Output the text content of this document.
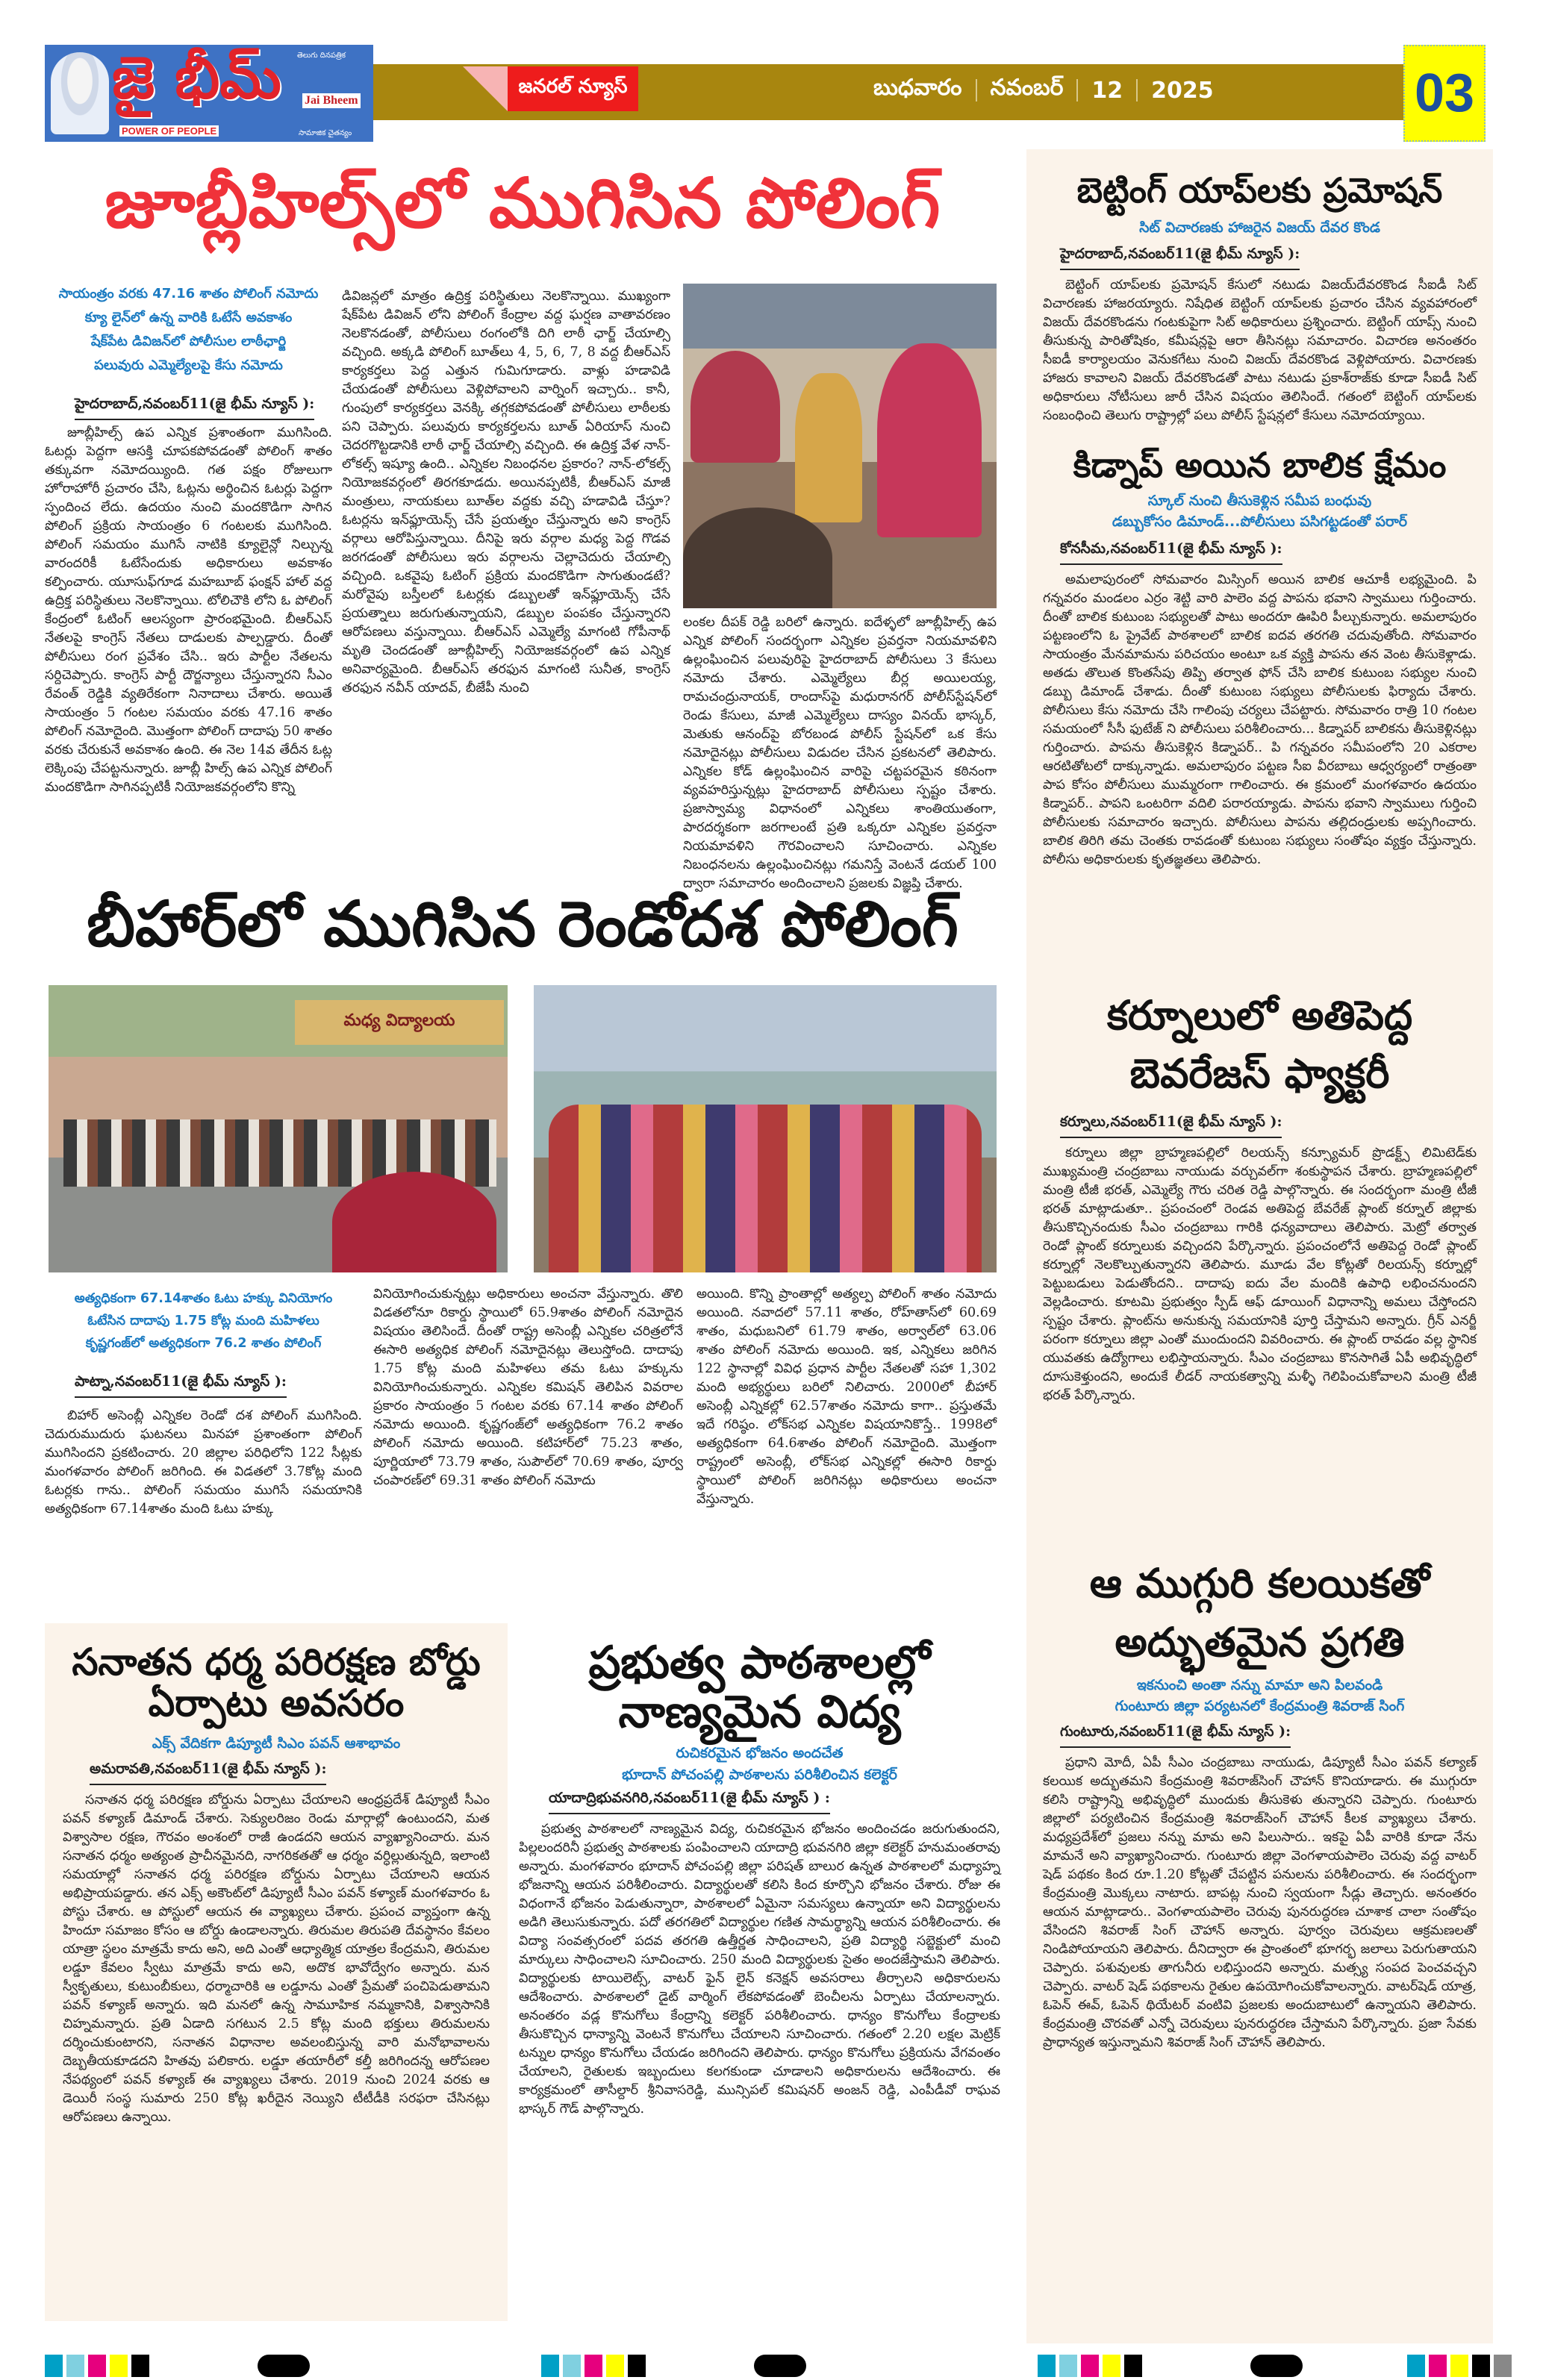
జై భీమ్ తెలుగు దినపత్రిక
Jai Bheem
POWER OF PEOPLE	సామాజిక చైతన్యం
జనరల్ న్యూస్	బుధవారం నవంబర్ 12 2025	03
జూబ్లీహిల్స్‌లో ముగిసిన పోలింగ్
సాయంత్రం వరకు 47.16 శాతం పోలింగ్ నమోదు
క్యూ లైన్‌లో ఉన్న వారికి ఓటేసే అవకాశం
షేక్‌పేట డివిజన్‌లో పోలీసుల లాఠీఛార్జి
పలువురు ఎమ్మెల్యేలపై కేసు నమోదు
హైదరాబాద్,నవంబర్11(జై భీమ్ న్యూస్ ):
జూబ్లీహిల్స్ ఉప ఎన్నిక ప్రశాంతంగా ముగిసింది. ఓటర్లు పెద్దగా ఆసక్తి చూపకపోవడంతో పోలింగ్ శాతం తక్కువగా నమోదయ్యింది. గత పక్షం రోజులుగా హోరాహోరీ ప్రచారం చేసి, ఓట్లను అర్థించిన ఓటర్లు పెద్దగా స్పందించ లేదు. ఉదయం నుంచి మందకొడిగా సాగిన పోలింగ్ ప్రక్రియ సాయంత్రం 6 గంటలకు ముగిసింది. పోలింగ్ సమయం ముగిసే నాటికి క్యూలైన్లో నిల్చున్న వారందరికీ ఓటేసేందుకు అధికారులు అవకాశం కల్పించారు. యూసుఫ్‌గూడ మహబూబ్ ఫంక్షన్ హాల్ వద్ద ఉద్రిక్త పరిస్థితులు నెలకొన్నాయి. టోలిచౌకి లోని ఓ పోలింగ్ కేంద్రంలో ఓటింగ్ ఆలస్యంగా ప్రారంభమైంది. బీఆర్ఎస్ నేతలపై కాంగ్రెస్ నేతలు దాడులకు పాల్పడ్డారు. దీంతో పోలీసులు రంగ ప్రవేశం చేసి.. ఇరు పార్టీల నేతలను సర్దిచెప్పారు. కాంగ్రెస్ పార్టీ దౌర్జన్యాలు చేస్తున్నారని సీఎం రేవంత్ రెడ్డికి వ్యతిరేకంగా నినాదాలు చేశారు. అయితే సాయంత్రం 5 గంటల సమయం వరకు 47.16 శాతం పోలింగ్ నమోదైంది. మొత్తంగా పోలింగ్ దాదాపు 50 శాతం వరకు చేరుకునే అవకాశం ఉంది. ఈ నెల 14వ తేదీన ఓట్ల లెక్కింపు చేపట్టనున్నారు. జూబ్లీ హిల్స్ ఉప ఎన్నిక పోలింగ్ మందకొడిగా సాగినప్పటికీ నియోజకవర్గంలోని కొన్ని
డివిజన్లలో మాత్రం ఉద్రిక్త పరిస్థితులు నెలకొన్నాయి. ముఖ్యంగా షేక్‌పేట డివిజన్ లోని పోలింగ్ కేంద్రాల వద్ద ఘర్షణ వాతావరణం నెలకొనడంతో, పోలీసులు రంగంలోకి దిగి లాఠీ ఛార్జ్ చేయాల్సి వచ్చింది. అక్కడి పోలింగ్ బూత్‌లు 4, 5, 6, 7, 8 వద్ద బీఆర్ఎస్ కార్యకర్తలు పెద్ద ఎత్తున గుమిగూడారు. వాళ్లు హడావిడి చేయడంతో పోలీసులు వెళ్లిపోవాలని వార్నింగ్ ఇచ్చారు.. కానీ, గుంపులో కార్యకర్తలు వెనక్కి తగ్గకపోవడంతో పోలీసులు లాఠీలకు పని చెప్పారు. పలువురు కార్యకర్తలను బూత్ ఏరియాస్ నుంచి చెదరగొట్టడానికి లాఠీ ఛార్జ్ చేయాల్సి వచ్చింది. ఈ ఉద్రిక్త వేళ నాన్-లోకల్స్ ఇష్యూ ఉంది.. ఎన్నికల నిబంధనల ప్రకారం? నాన్-లోకల్స్ నియోజకవర్గంలో తిరగకూడదు. అయినప్పటికీ, బీఆర్ఎస్ మాజీ మంత్రులు, నాయకులు బూత్‌ల వద్దకు వచ్చి హడావిడి చేస్తూ? ఓటర్లను ఇన్‌ఫ్లూయెన్స్ చేసే ప్రయత్నం చేస్తున్నారు అని కాంగ్రెస్ వర్గాలు ఆరోపిస్తున్నాయి. దీనిపై ఇరు వర్గాల మధ్య పెద్ద గొడవ జరగడంతో పోలీసులు ఇరు వర్గాలను చెల్లాచెదురు చేయాల్సి వచ్చింది. ఒకవైపు ఓటింగ్ ప్రక్రియ మందకొడిగా సాగుతుండటే? మరోవైపు బస్తీలలో ఓటర్లకు డబ్బులతో ఇన్‌ఫ్లూయెన్స్ చేసే ప్రయత్నాలు జరుగుతున్నాయని, డబ్బుల పంపకం చేస్తున్నారని ఆరోపణలు వస్తున్నాయి. బీఆర్ఎస్ ఎమ్మెల్యే మాగంటి గోపీనాథ్ మృతి చెందడంతో జూబ్లీహిల్స్ నియోజకవర్గంలో ఉప ఎన్నిక అనివార్యమైంది. బీఆర్ఎస్ తరఫున మాగంటి సునీత, కాంగ్రెస్ తరఫున నవీన్ యాదవ్, బీజేపీ నుంచి
లంకల దీపక్ రెడ్డి బరిలో ఉన్నారు. ఐదేళ్ళలో జూబ్లీహిల్స్ ఉప ఎన్నిక పోలింగ్ సందర్భంగా ఎన్నికల ప్రవర్తనా నియమావళిని ఉల్లంఘించిన పలువురిపై హైదరాబాద్ పోలీసులు 3 కేసులు నమోదు చేశారు. ఎమ్మెల్యేలు బీర్ల అయిలయ్య, రామచంద్రునాయక్, రాందాస్‌పై మధురానగర్ పోలీస్‌స్టేషన్‌లో రెండు కేసులు, మాజీ ఎమ్మెల్యేలు దాస్యం వినయ్ భాస్కర్, మెతుకు ఆనంద్‌పై బోరబండ పోలీస్ స్టేషన్‌లో ఒక కేసు నమోదైనట్లు పోలీసులు విడుదల చేసిన ప్రకటనలో తెలిపారు. ఎన్నికల కోడ్ ఉల్లంఘించిన వారిపై చట్టపరమైన కఠినంగా వ్యవహరిస్తున్నట్లు హైదరాబాద్ పోలీసులు స్పష్టం చేశారు. ప్రజాస్వామ్య విధానంలో ఎన్నికలు శాంతియుతంగా, పారదర్శకంగా జరగాలంటే ప్రతి ఒక్కరూ ఎన్నికల ప్రవర్తనా నియమావళిని గౌరవించాలని సూచించారు. ఎన్నికల నిబంధనలను ఉల్లంఘించినట్లు గమనిస్తే వెంటనే డయల్ 100 ద్వారా సమాచారం అందించాలని ప్రజలకు విజ్ఞప్తి చేశారు.
బీహార్‌లో ముగిసిన రెండోదశ పోలింగ్
మధ్య విద్యాలయ
అత్యధికంగా 67.14శాతం ఓటు హక్కు వినియోగం
ఓటేసిన దాదాపు 1.75 కోట్ల మంది మహిళలు
కృష్ణగంజ్‌లో అత్యధికంగా 76.2 శాతం పోలింగ్
పాట్నా,నవంబర్11(జై భీమ్ న్యూస్ ):
బిహార్ అసెంబ్లీ ఎన్నికల రెండో దశ పోలింగ్ ముగిసింది. చెదురుముదురు ఘటనలు మినహా ప్రశాంతంగా పోలింగ్ ముగిసిందని ప్రకటించారు. 20 జిల్లాల పరిధిలోని 122 సీట్లకు మంగళవారం పోలింగ్ జరిగింది. ఈ విడతలో 3.7కోట్ల మంది ఓటర్లకు గాను.. పోలింగ్ సమయం ముగిసే సమయానికి అత్యధికంగా 67.14శాతం మంది ఓటు హక్కు
వినియోగించుకున్నట్లు అధికారులు అంచనా వేస్తున్నారు. తొలి విడతలోనూ రికార్డు స్థాయిలో 65.9శాతం పోలింగ్ నమోదైన విషయం తెలిసిందే. దీంతో రాష్ట్ర అసెంబ్లీ ఎన్నికల చరిత్రలోనే ఈసారి అత్యధిక పోలింగ్ నమోదైనట్లు తెలుస్తోంది. దాదాపు 1.75 కోట్ల మంది మహిళలు తమ ఓటు హక్కును వినియోగించుకున్నారు. ఎన్నికల కమిషన్ తెలిపిన వివరాల ప్రకారం సాయంత్రం 5 గంటల వరకు 67.14 శాతం పోలింగ్ నమోదు అయింది. కృష్ణగంజ్‌లో అత్యధికంగా 76.2 శాతం పోలింగ్ నమోదు అయింది. కటిహార్‌లో 75.23 శాతం, పూర్ణియాలో 73.79 శాతం, సుపౌల్‌లో 70.69 శాతం, పూర్వ చంపారణ్‌లో 69.31 శాతం పోలింగ్ నమోదు
అయింది. కొన్ని ప్రాంతాల్లో అత్యల్ప పోలింగ్ శాతం నమోదు అయింది. నవాదలో 57.11 శాతం, రోహ్‌తాస్‌లో 60.69 శాతం, మధుబనిలో 61.79 శాతం, అర్వాల్‌లో 63.06 శాతం పోలింగ్ నమోదు అయింది. ఇక, ఎన్నికలు జరిగిన 122 స్థానాల్లో వివిధ ప్రధాన పార్టీల నేతలతో సహా 1,302 మంది అభ్యర్థులు బరిలో నిలిచారు. 2000లో బీహార్ అసెంబ్లీ ఎన్నికల్లో 62.57శాతం నమోదు కాగా.. ప్రస్తుతమే ఇదే గరిష్ఠం. లోక్‌సభ ఎన్నికల విషయానికొస్తే.. 1998లో అత్యధికంగా 64.6శాతం పోలింగ్ నమోదైంది. మొత్తంగా రాష్ట్రంలో అసెంబ్లీ, లోక్‌సభ ఎన్నికల్లో ఈసారి రికార్డు స్థాయిలో పోలింగ్ జరిగినట్లు అధికారులు అంచనా వేస్తున్నారు.
సనాతన ధర్మ పరిరక్షణ బోర్డు ఏర్పాటు అవసరం
ఎక్స్ వేదికగా డిప్యూటీ సిఎం పవన్ ఆశాభావం
అమరావతి,నవంబర్11(జై భీమ్ న్యూస్ ):
సనాతన ధర్మ పరిరక్షణ బోర్డును ఏర్పాటు చేయాలని ఆంధ్రప్రదేశ్ డిప్యూటీ సీఎం పవన్ కళ్యాణ్ డిమాండ్ చేశారు. సెక్యులరిజం రెండు మార్గాల్లో ఉంటుందని, మత విశ్వాసాల రక్షణ, గౌరవం అంశంలో రాజీ ఉండదని ఆయన వ్యాఖ్యానించారు. మన సనాతన ధర్మం అత్యంత ప్రాచీనమైనది, నాగరికతతో ఆ ధర్మం వర్ధిల్లుతున్నది, ఇలాంటి సమయాల్లో సనాతన ధర్మ పరిరక్షణ బోర్డును ఏర్పాటు చేయాలని ఆయన అభిప్రాయపడ్డారు. తన ఎక్స్ అకౌంట్‌లో డిప్యూటీ సీఎం పవన్ కళ్యాణ్ మంగళవారం ఓ పోస్టు చేశారు. ఆ పోస్టులో ఆయన ఈ వ్యాఖ్యలు చేశారు. ప్రపంచ వ్యాప్తంగా ఉన్న హిందూ సమాజం కోసం ఆ బోర్డు ఉండాలన్నారు. తిరుమల తిరుపతి దేవస్థానం కేవలం యాత్రా స్థలం మాత్రమే కాదు అని, అది ఎంతో ఆధ్యాత్మిక యాత్రల కేంద్రమని, తిరుమల లడ్డూ కేవలం స్వీటు మాత్రమే కాదు అని, అదొక భావోద్వేగం అన్నారు. మన స్వీకృతులు, కుటుంబీకులు, ధర్మాచారికి ఆ లడ్డూను ఎంతో ప్రేమతో పంచిపెడుతామని పవన్ కళ్యాణ్ అన్నారు. ఇది మనలో ఉన్న సామూహిక నమ్మకానికి, విశ్వాసానికి చిహ్నమన్నారు. ప్రతి ఏడాది సగటున 2.5 కోట్ల మంది భక్తులు తిరుమలను దర్శించుకుంటారని, సనాతన విధానాల అవలంబిస్తున్న వారి మనోభావాలను దెబ్బతీయకూడదని హితవు పలికారు. లడ్డూ తయారీలో కల్తీ జరిగిందన్న ఆరోపణల నేపథ్యంలో పవన్ కళ్యాణ్ ఈ వ్యాఖ్యలు చేశారు. 2019 నుంచి 2024 వరకు ఆ డెయిరీ సంస్థ సుమారు 250 కోట్ల ఖరీదైన నెయ్యిని టీటీడీకి సరఫరా చేసినట్లు ఆరోపణలు ఉన్నాయి.
ప్రభుత్వ పాఠశాలల్లో నాణ్యమైన విద్య
రుచికరమైన భోజనం అందచేత
భూదాన్ పోచంపల్లి పాఠశాలను పరిశీలించిన కలెక్టర్
యాదాద్రిభువనగిరి,నవంబర్11(జై భీమ్ న్యూస్ ) :
ప్రభుత్వ పాఠశాలలో నాణ్యమైన విద్య, రుచికరమైన భోజనం అందించడం జరుగుతుందని, పిల్లలందరినీ ప్రభుత్వ పాఠశాలకు పంపించాలని యాదాద్రి భువనగిరి జిల్లా కలెక్టర్ హనుమంతరావు అన్నారు. మంగళవారం భూదాన్ పోచంపల్లి జిల్లా పరిషత్ బాలుర ఉన్నత పాఠశాలలో మధ్యాహ్న భోజనాన్ని ఆయన పరిశీలించారు. విద్యార్థులతో కలిసి కింద కూర్చొని భోజనం చేశారు. రోజు ఈ విధంగానే భోజనం పెడుతున్నారా, పాఠశాలలో ఏమైనా సమస్యలు ఉన్నాయా అని విద్యార్థులను అడిగి తెలుసుకున్నారు. పదో తరగతిలో విద్యార్థుల గణిత సామర్థ్యాన్ని ఆయన పరిశీలించారు. ఈ విద్యా సంవత్సరంలో పదవ తరగతి ఉత్తీర్ణత సాధించాలని, ప్రతి విద్యార్థి సబ్జెక్టులో మంచి మార్కులు సాధించాలని సూచించారు. 250 మంది విద్యార్థులకు సైతం అందజేస్తామని తెలిపారు. విద్యార్థులకు టాయిలెట్స్, వాటర్ ఫైన్ లైన్ కనెక్షన్ అవసరాలు తీర్చాలని అధికారులను ఆదేశించారు. పాఠశాలలో డైట్ వార్మింగ్ లేకపోవడంతో బెంచీలను ఏర్పాటు చేయాలన్నారు. అనంతరం వడ్ల కొనుగోలు కేంద్రాన్ని కలెక్టర్ పరిశీలించారు. ధాన్యం కొనుగోలు కేంద్రాలకు తీసుకొచ్చిన ధాన్యాన్ని వెంటనే కొనుగోలు చేయాలని సూచించారు. గతంలో 2.20 లక్షల మెట్రిక్ టన్నుల ధాన్యం కొనుగోలు చేయడం జరిగిందని తెలిపారు. ధాన్యం కొనుగోలు ప్రక్రియను వేగవంతం చేయాలని, రైతులకు ఇబ్బందులు కలగకుండా చూడాలని అధికారులను ఆదేశించారు. ఈ కార్యక్రమంలో తాసీల్దార్ శ్రీనివాసరెడ్డి, మున్సిపల్ కమిషనర్ అంజన్ రెడ్డి, ఎంపీడీవో రాఘవ భాస్కర్ గౌడ్ పాల్గొన్నారు.
బెట్టింగ్ యాప్‌లకు ప్రమోషన్
సిట్ విచారణకు హాజరైన విజయ్ దేవర కొండ
హైదరాబాద్,నవంబర్11(జై భీమ్ న్యూస్ ):
బెట్టింగ్ యాప్‌లకు ప్రమోషన్ కేసులో నటుడు విజయ్‌దేవరకొండ సీఐడీ సిట్ విచారణకు హాజరయ్యారు. నిషేధిత బెట్టింగ్ యాప్‌లకు ప్రచారం చేసిన వ్యవహారంలో విజయ్ దేవరకొండను గంటకుపైగా సిట్ అధికారులు ప్రశ్నించారు. బెట్టింగ్ యాప్స్ నుంచి తీసుకున్న పారితోషికం, కమీషన్లపై ఆరా తీసినట్లు సమాచారం. విచారణ అనంతరం సీఐడీ కార్యాలయం వెనుకగేటు నుంచి విజయ్ దేవరకొండ వెళ్లిపోయారు. విచారణకు హాజరు కావాలని విజయ్ దేవరకొండతో పాటు నటుడు ప్రకాశ్‌రాజ్‌కు కూడా సీఐడీ సిట్ అధికారులు నోటీసులు జారీ చేసిన విషయం తెలిసిందే. గతంలో బెట్టింగ్ యాప్‌లకు సంబంధించి తెలుగు రాష్ట్రాల్లో పలు పోలీస్ స్టేషన్లలో కేసులు నమోదయ్యాయి.
కిడ్నాప్ అయిన బాలిక క్షేమం
స్కూల్ నుంచి తీసుకెళ్లిన సమీప బంధువు
డబ్బుకోసం డిమాండ్...పోలీసులు పసిగట్టడంతో పరార్
కోనసీమ,నవంబర్11(జై భీమ్ న్యూస్ ):
అమలాపురంలో సోమవారం మిస్సింగ్ అయిన బాలిక ఆచూకీ లభ్యమైంది. పి గన్నవరం మండలం ఎర్రం శెట్టి వారి పాలెం వద్ద పాపను భవాని స్వాములు గుర్తించారు. దీంతో బాలిక కుటుంబ సభ్యులతో పాటు అందరూ ఊపిరి పీల్చుకున్నారు. అమలాపురం పట్టణంలోని ఓ ప్రైవేట్ పాఠశాలలో బాలిక ఐదవ తరగతి చదువుతోంది. సోమవారం సాయంత్రం మేనమామను పరిచయం అంటూ ఒక వ్యక్తి పాపను తన వెంట తీసుకెళ్లాడు. అతడు తొలుత కొంతసేపు తిప్పి తర్వాత ఫోన్ చేసి బాలిక కుటుంబ సభ్యుల నుంచి డబ్బు డిమాండ్ చేశాడు. దీంతో కుటుంబ సభ్యులు పోలీసులకు ఫిర్యాదు చేశారు. పోలీసులు కేసు నమోదు చేసి గాలింపు చర్యలు చేపట్టారు. సోమవారం రాత్రి 10 గంటల సమయంలో సీసీ ఫుటేజ్ ని పోలీసులు పరిశీలించారు... కిడ్నాపర్ బాలికను తీసుకెళ్లినట్లు గుర్తించారు. పాపను తీసుకెళ్లిన కిడ్నాపర్.. పి గన్నవరం సమీపంలోని 20 ఎకరాల ఆరటితోటలో దాక్కున్నాడు. అమలాపురం పట్టణ సీఐ వీరబాబు ఆధ్వర్యంలో రాత్రంతా పాప కోసం పోలీసులు ముమ్మరంగా గాలించారు. ఈ క్రమంలో మంగళవారం ఉదయం కిడ్నాపర్.. పాపని ఒంటరిగా వదిలి పరారయ్యాడు. పాపను భవాని స్వాములు గుర్తించి పోలీసులకు సమాచారం ఇచ్చారు. పోలీసులు పాపను తల్లిదండ్రులకు అప్పగించారు. బాలిక తిరిగి తమ చెంతకు రావడంతో కుటుంబ సభ్యులు సంతోషం వ్యక్తం చేస్తున్నారు. పోలీసు అధికారులకు కృతజ్ఞతలు తెలిపారు.
కర్నూలులో అతిపెద్ద బెవరేజస్ ఫ్యాక్టరీ
కర్నూలు,నవంబర్11(జై భీమ్ న్యూస్ ):
కర్నూలు జిల్లా బ్రాహ్మణపల్లిలో రిలయన్స్ కన్స్యూమర్ ప్రొడక్ట్స్ లిమిటెడ్‌కు ముఖ్యమంత్రి చంద్రబాబు నాయుడు వర్చువల్‌గా శంకుస్థాపన చేశారు. బ్రాహ్మణపల్లిలో మంత్రి టీజీ భరత్, ఎమ్మెల్యే గౌరు చరిత రెడ్డి పాల్గొన్నారు. ఈ సందర్భంగా మంత్రి టీజీ భరత్ మాట్లాడుతూ.. ప్రపంచంలో రెండవ అతిపెద్ద బేవరేజ్ ప్లాంట్ కర్నూల్ జిల్లాకు తీసుకొచ్చినందుకు సీఎం చంద్రబాబు గారికి ధన్యవాదాలు తెలిపారు. మెట్రో తర్వాత రెండో ప్లాంట్ కర్నూలుకు వచ్చిందని పేర్కొన్నారు. ప్రపంచంలోనే అతిపెద్ద రెండో ప్లాంట్ కర్నూల్లో నెలకొల్పుతున్నారని తెలిపారు. మూడు వేల కోట్లతో రిలయన్స్ కర్నూల్లో పెట్టుబడులు పెడుతోందని.. దాదాపు ఐదు వేల మందికి ఉపాధి లభించనుందని వెల్లడించారు. కూటమి ప్రభుత్వం స్పీడ్ ఆఫ్ డూయింగ్ విధానాన్ని అమలు చేస్తోందని స్పష్టం చేశారు. ప్లాంట్‌ను అనుకున్న సమయానికి పూర్తి చేస్తామని అన్నారు. గ్రీన్ ఎనర్జీ పరంగా కర్నూలు జిల్లా ఎంతో ముందుందని వివరించారు. ఈ ప్లాంట్ రావడం వల్ల స్థానిక యువతకు ఉద్యోగాలు లభిస్తాయన్నారు. సీఎం చంద్రబాబు కొనసాగితే ఏపీ అభివృద్ధిలో దూసుకెళ్తుందని, అందుకే లీడర్ నాయకత్వాన్ని మళ్ళీ గెలిపించుకోవాలని మంత్రి టీజీ భరత్ పేర్కొన్నారు.
ఆ ముగ్గురి కలయికతో అద్భుతమైన ప్రగతి
ఇకనుంచి అంతా నన్ను మామా అని పిలవండి
గుంటూరు జిల్లా పర్యటనలో కేంద్రమంత్రి శివరాజ్ సింగ్
గుంటూరు,నవంబర్11(జై భీమ్ న్యూస్ ):
ప్రధాని మోదీ, ఏపీ సీఎం చంద్రబాబు నాయుడు, డిప్యూటీ సీఎం పవన్ కల్యాణ్ కలయిక అద్భుతమని కేంద్రమంత్రి శివరాజ్‌సింగ్ చౌహాన్ కొనియాడారు. ఈ ముగ్గురూ కలిసి రాష్ట్రాన్ని అభివృద్ధిలో ముందుకు తీసుకెళు తున్నారని చెప్పారు. గుంటూరు జిల్లాలో పర్యటించిన కేంద్రమంత్రి శివరాజ్‌సింగ్ చౌహాన్ కీలక వ్యాఖ్యలు చేశారు. మధ్యప్రదేశ్‌లో ప్రజలు నన్ను మామ అని పిలుసారు.. ఇకపై ఏపీ వారికి కూడా నేను మామనే అని వ్యాఖ్యానించారు. గుంటూరు జిల్లా వెంగళాయపాలెం చెరువు వద్ద వాటర్ షెడ్ పథకం కింద రూ.1.20 కోట్లతో చేపట్టిన పనులను పరిశీలించారు. ఈ సందర్భంగా కేంద్రమంత్రి మొక్కలు నాటారు. బాపట్ల నుంచి స్వయంగా సీడ్లు తెచ్చారు. అనంతరం ఆయన మాట్లాడారు.. వెంగళాయపాలెం చెరువు పునరుద్ధరణ చూశాక చాలా సంతోషం వేసిందని శివరాజ్ సింగ్ చౌహాన్ అన్నారు. పూర్వం చెరువులు ఆక్రమణలతో నిండిపోయాయని తెలిపారు. దీనిద్వారా ఈ ప్రాంతంలో భూగర్భ జలాలు పెరుగుతాయని చెప్పారు. పశువులకు తాగునీరు లభిస్తుందని అన్నారు. మత్స్య సంపద పెంచవచ్చని చెప్పారు. వాటర్ షెడ్ పథకాలను రైతుల ఉపయోగించుకోవాలన్నారు. వాటర్‌షెడ్ యాత్ర, ఓపెన్ ఈవ్, ఓపెన్ థియేటర్ వంటివి ప్రజలకు అందుబాటులో ఉన్నాయని తెలిపారు. కేంద్రమంత్రి చొరవతో ఎన్నో చెరువులు పునరుద్ధరణ చేస్తామని పేర్కొన్నారు. ప్రజా సేవకు ప్రాధాన్యత ఇస్తున్నామని శివరాజ్ సింగ్ చౌహాన్ తెలిపారు.
